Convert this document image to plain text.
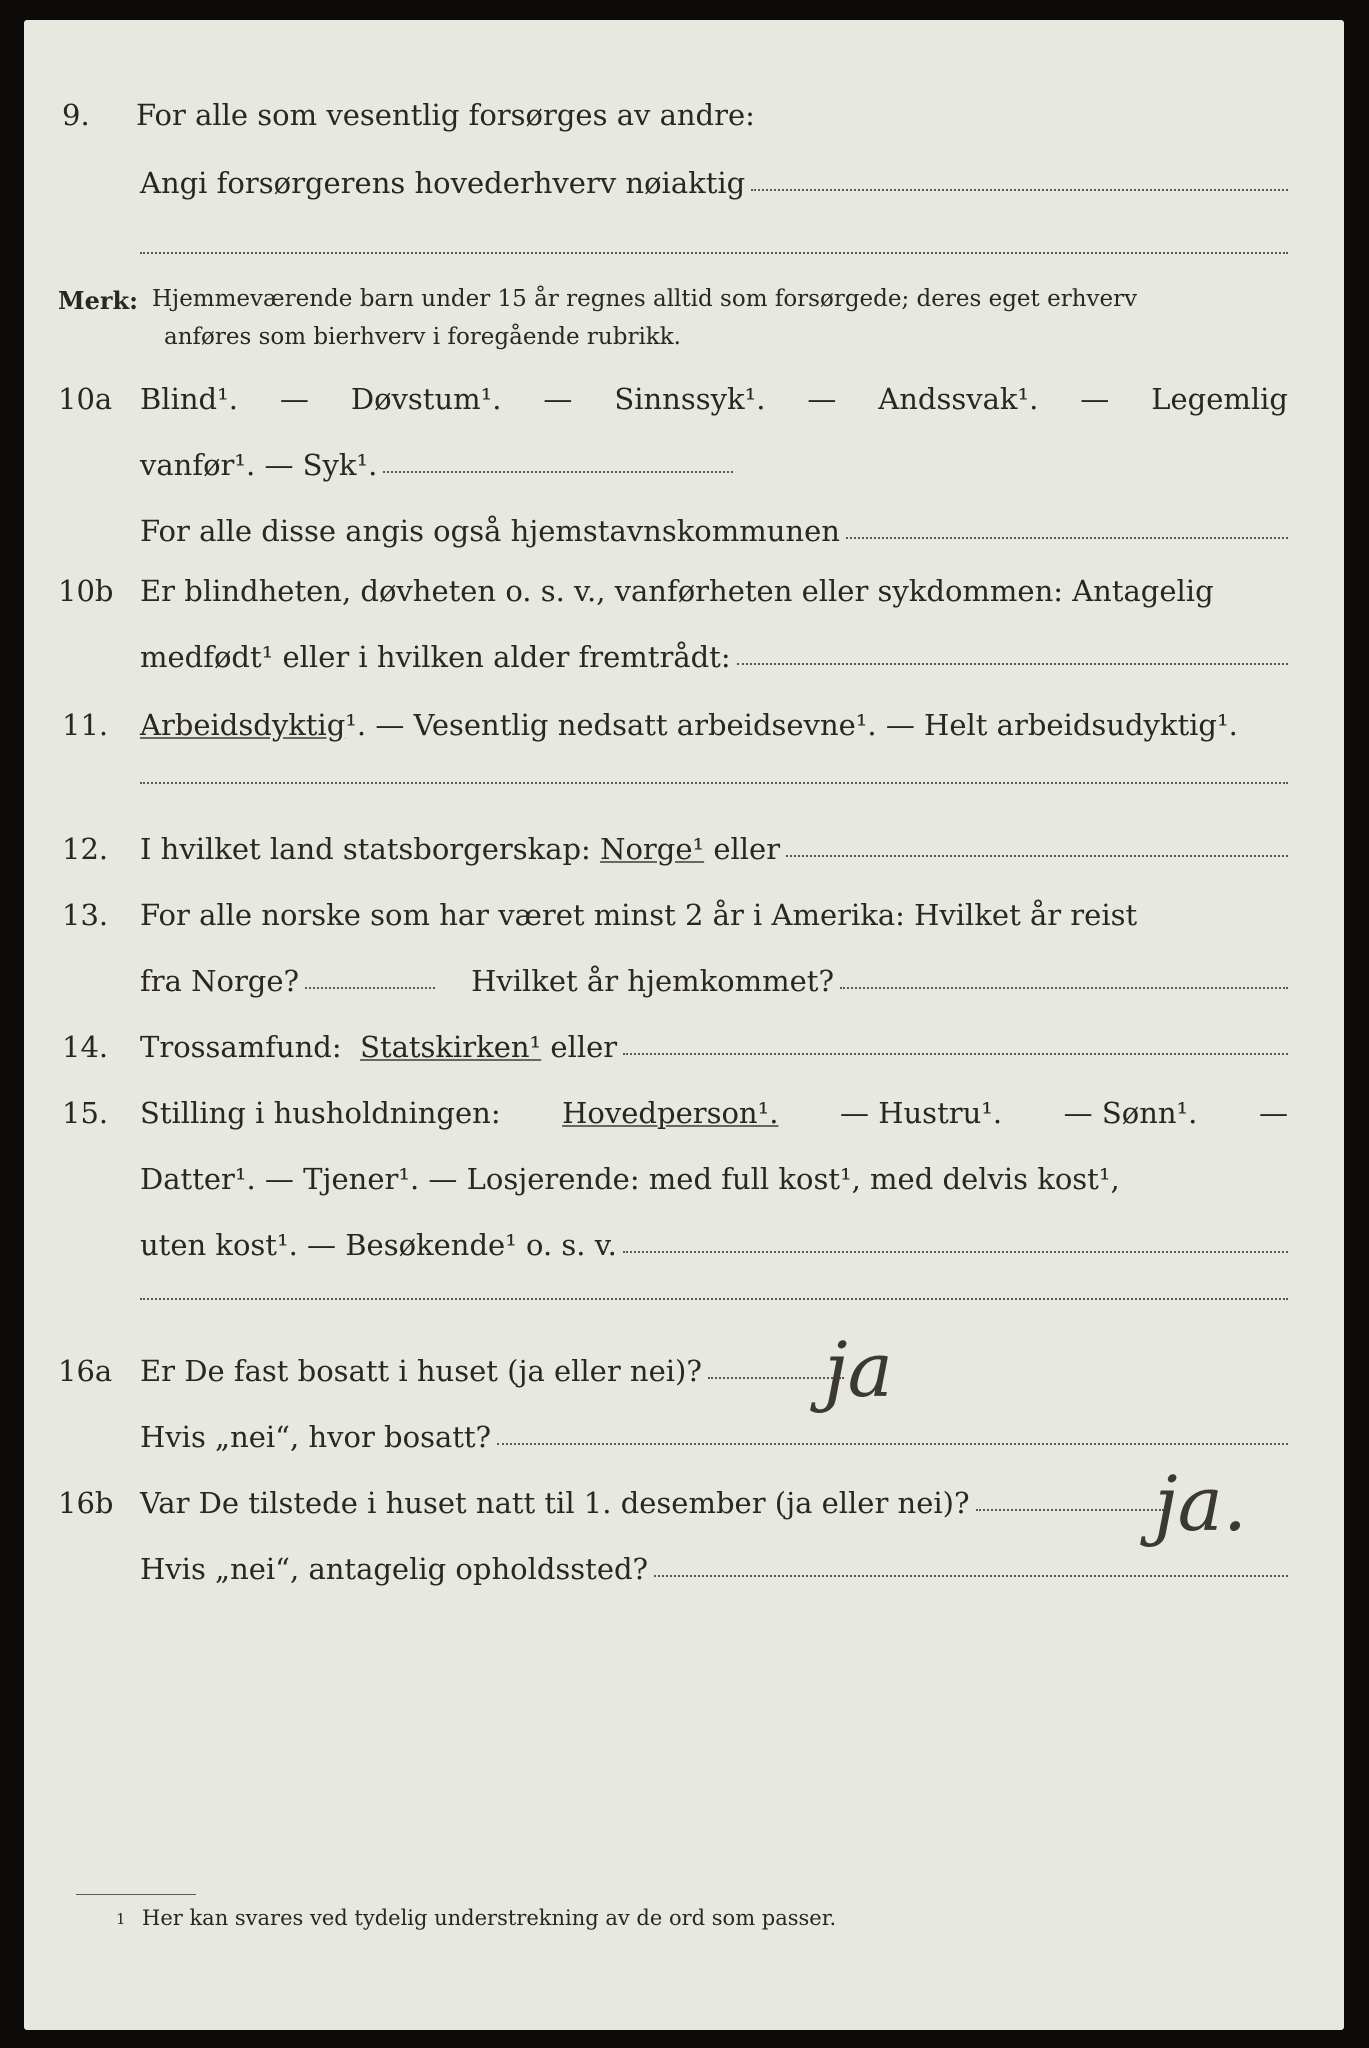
9. For alle som vesentlig forsørges av andre:
Angi forsørgerens hovederhverv nøiaktig
Merk: Hjemmeværende barn under 15 år regnes alltid som forsørgede; deres eget erhverv
anføres som bierhverv i foregående rubrikk.
10a Blind¹. — Døvstum¹. — Sinnssyk¹. — Andssvak¹. — Legemlig
vanfør¹. — Syk¹.
For alle disse angis også hjemstavnskommunen
10b Er blindheten, døvheten o. s. v., vanførheten eller sykdommen: Antagelig
medfødt¹ eller i hvilken alder fremtrådt:
11. Arbeidsdyktig ¹. — Vesentlig nedsatt arbeidsevne¹. — Helt arbeidsudyktig¹.
12. I hvilket land statsborgerskap:
Norge¹
eller
13. For alle norske som har været minst 2 år i Amerika: Hvilket år reist
fra Norge?	Hvilket år hjemkommet?
14. Trossamfund:
Statskirken¹
eller
15. Stilling i husholdningen: Hovedperson¹. — Hustru¹. — Sønn¹. —
Datter¹. — Tjener¹. — Losjerende: med full kost¹, med delvis kost¹,
uten kost¹. — Besøkende¹ o. s. v.
16a Er De fast bosatt i huset (ja eller nei)? ja
Hvis „nei“, hvor bosatt?
16b Var De tilstede i huset natt til 1. desember (ja eller nei)? ja.
Hvis „nei“, antagelig opholdssted?
1 Her kan svares ved tydelig understrekning av de ord som passer.
